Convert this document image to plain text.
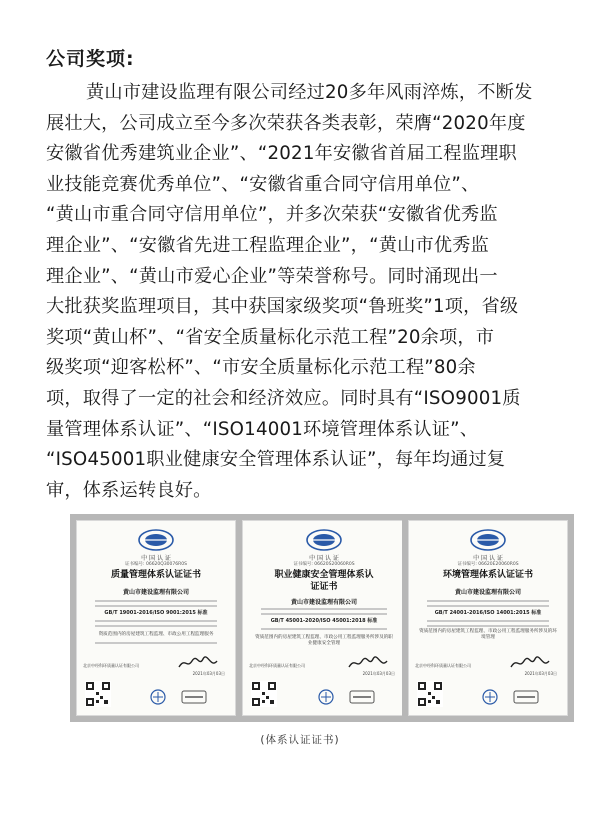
公司奖项:
黄山市建设监理有限公司经过20多年风雨淬炼，不断发
展壮大，公司成立至今多次荣获各类表彰，荣膺“2020年度
安徽省优秀建筑业企业”、“2021年安徽省首届工程监理职
业技能竞赛优秀单位”、“安徽省重合同守信用单位”、
“黄山市重合同守信用单位”，并多次荣获“安徽省优秀监
理企业”、“安徽省先进工程监理企业”，“黄山市优秀监
理企业”、“黄山市爱心企业”等荣誉称号。同时涌现出一
大批获奖监理项目，其中获国家级奖项“鲁班奖”1项，省级
奖项“黄山杯”、“省安全质量标化示范工程”20余项，市
级奖项“迎客松杯”、“市安全质量标化示范工程”80余
项，取得了一定的社会和经济效应。同时具有“ISO9001质
量管理体系认证”、“ISO14001环境管理体系认证”、
“ISO45001职业健康安全管理体系认证”，每年均通过复
审，体系运转良好。
中 国 认 证
证书编号: 06620Q30076R0S
质量管理体系认证证书
黄山市建设监理有限公司
GB/T 19001-2016/ISO 9001:2015 标准
资质范围内的房屋建筑工程监理、市政公用工程监理服务
北京中经科环质量认证有限公司
2021年03月03日
中 国 认 证
证书编号: 06620S20060R0S
职业健康安全管理体系认证证书
黄山市建设监理有限公司
GB/T 45001-2020/ISO 45001:2018 标准
资质范围内的房屋建筑工程监理、市政公用工程监理服务所涉及的职业健康安全管理
北京中经科环质量认证有限公司
2021年03月03日
中 国 认 证
证书编号: 06620E20060R0S
环境管理体系认证证书
黄山市建设监理有限公司
GB/T 24001-2016/ISO 14001:2015 标准
资质范围内的房屋建筑工程监理、市政公用工程监理服务所涉及的环境管理
北京中经科环质量认证有限公司
2021年03月03日
(体系认证证书)
